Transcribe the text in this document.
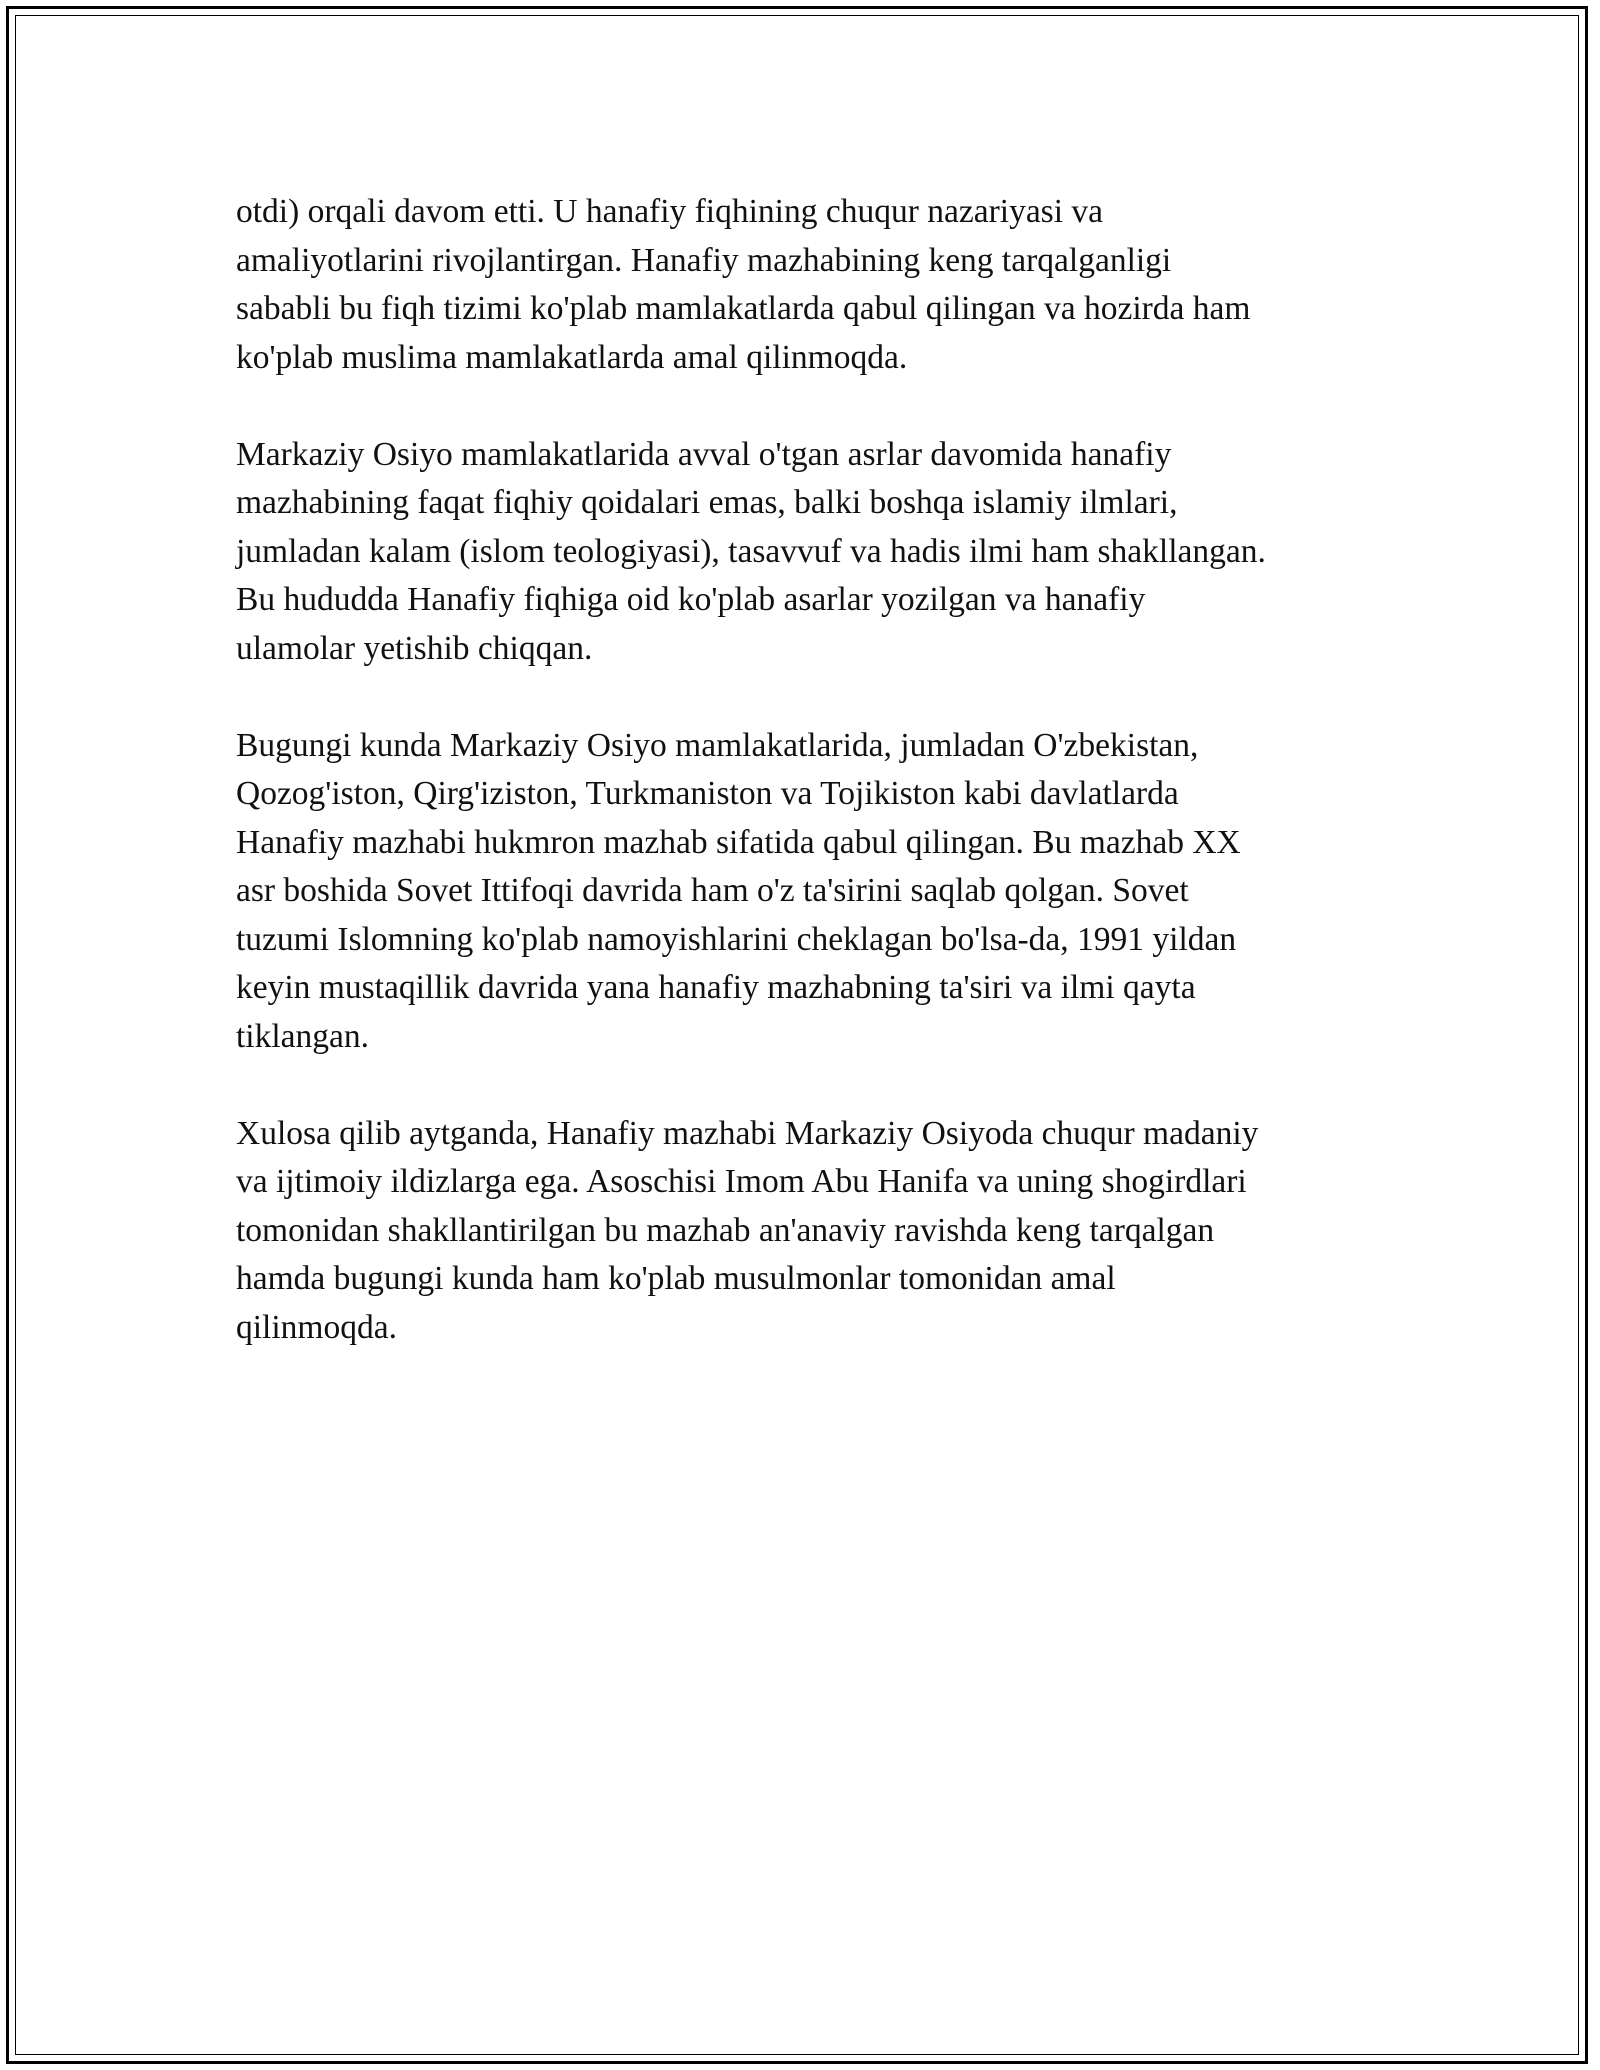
otdi) orqali davom etti. U hanafiy fiqhining chuqur nazariyasi va
amaliyotlarini rivojlantirgan. Hanafiy mazhabining keng tarqalganligi
sababli bu fiqh tizimi ko'plab mamlakatlarda qabul qilingan va hozirda ham
ko'plab muslima mamlakatlarda amal qilinmoqda.

Markaziy Osiyo mamlakatlarida avval o'tgan asrlar davomida hanafiy
mazhabining faqat fiqhiy qoidalari emas, balki boshqa islamiy ilmlari,
jumladan kalam (islom teologiyasi), tasavvuf va hadis ilmi ham shakllangan.
Bu hududda Hanafiy fiqhiga oid ko'plab asarlar yozilgan va hanafiy
ulamolar yetishib chiqqan.

Bugungi kunda Markaziy Osiyo mamlakatlarida, jumladan O'zbekistan,
Qozog'iston, Qirg'iziston, Turkmaniston va Tojikiston kabi davlatlarda
Hanafiy mazhabi hukmron mazhab sifatida qabul qilingan. Bu mazhab XX
asr boshida Sovet Ittifoqi davrida ham o'z ta'sirini saqlab qolgan. Sovet
tuzumi Islomning ko'plab namoyishlarini cheklagan bo'lsa-da, 1991 yildan
keyin mustaqillik davrida yana hanafiy mazhabning ta'siri va ilmi qayta
tiklangan.

Xulosa qilib aytganda, Hanafiy mazhabi Markaziy Osiyoda chuqur madaniy
va ijtimoiy ildizlarga ega. Asoschisi Imom Abu Hanifa va uning shogirdlari
tomonidan shakllantirilgan bu mazhab an'anaviy ravishda keng tarqalgan
hamda bugungi kunda ham ko'plab musulmonlar tomonidan amal
qilinmoqda.
